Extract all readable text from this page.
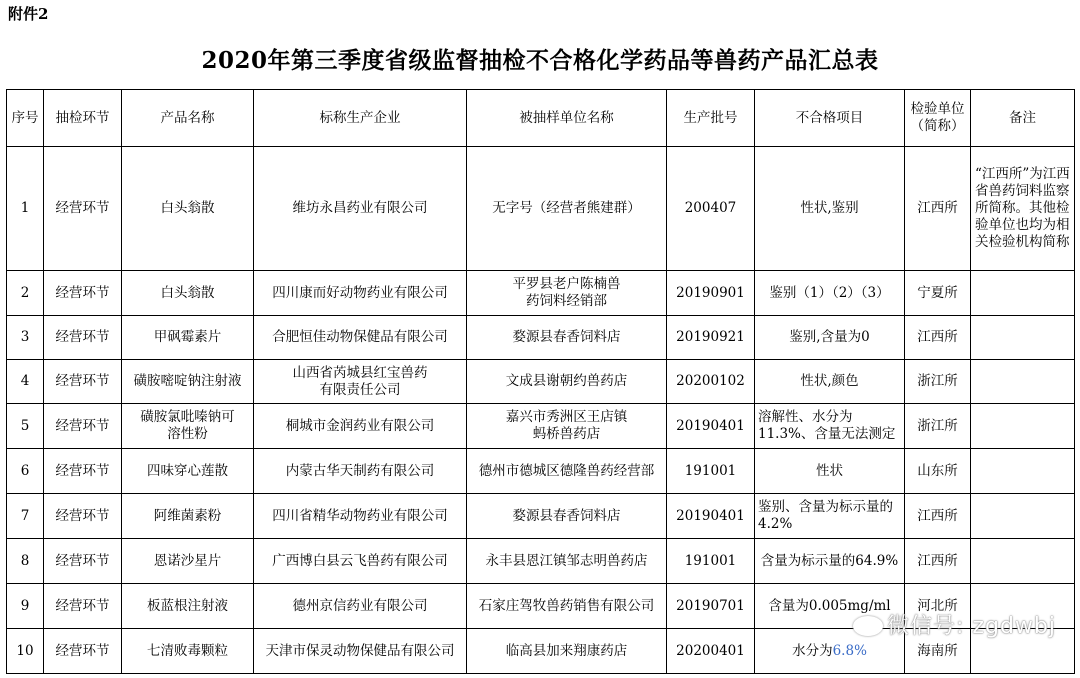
附件2
2020年第三季度省级监督抽检不合格化学药品等兽药产品汇总表
序号	抽检环节	产品名称	标称生产企业	被抽样单位名称	生产批号	不合格项目	检验单位（简称）	备注
1	经营环节	白头翁散	维坊永昌药业有限公司	无字号（经营者熊建群）	200407	性状,鉴别	江西所	“江西所”为江西省兽药饲料监察所简称。其他检验单位也均为相关检验机构简称
2	经营环节	白头翁散	四川康而好动物药业有限公司	平罗县老户陈楠兽药饲料经销部	20190901	鉴别（1）（2）（3）	宁夏所	
3	经营环节	甲砜霉素片	合肥恒佳动物保健品有限公司	婺源县春香饲料店	20190921	鉴别,含量为0	江西所	
4	经营环节	磺胺嘧啶钠注射液	山西省芮城县红宝兽药有限责任公司	文成县谢朝约兽药店	20200102	性状,颜色	浙江所	
5	经营环节	磺胺氯吡嗪钠可溶性粉	桐城市金润药业有限公司	嘉兴市秀洲区王店镇蚂桥兽药店	20190401	溶解性、水分为11.3%、含量无法测定	浙江所	
6	经营环节	四味穿心莲散	内蒙古华天制药有限公司	德州市德城区德隆兽药经营部	191001	性状	山东所	
7	经营环节	阿维菌素粉	四川省精华动物药业有限公司	婺源县春香饲料店	20190401	鉴别、含量为标示量的4.2%	江西所	
8	经营环节	恩诺沙星片	广西博白县云飞兽药有限公司	永丰县恩江镇邹志明兽药店	191001	含量为标示量的64.9%	江西所	
9	经营环节	板蓝根注射液	德州京信药业有限公司	石家庄驾牧兽药销售有限公司	20190701	含量为0.005mg/ml	河北所	
10	经营环节	七清败毒颗粒	天津市保灵动物保健品有限公司	临高县加来翔康药店	20200401	水分为6.8%	海南所	
微信号: zgdwbj
